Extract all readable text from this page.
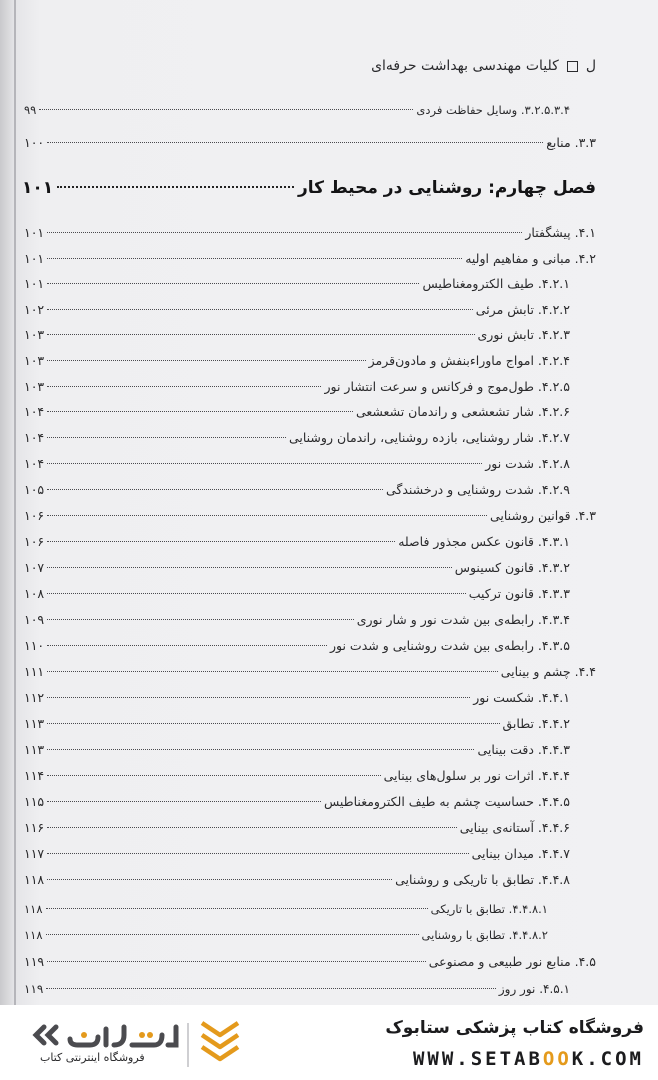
ل
کلیات مهندسی بهداشت حرفه‌ای
۳.۲.۵.۳.۴. وسایل حفاظت فردی
۹۹
۳.۳. منابع
۱۰۰
فصل چهارم: روشنایی در محیط کار
۱۰۱
۴.۱. پیشگفتار
۱۰۱
۴.۲. مبانی و مفاهیم اولیه
۱۰۱
۴.۲.۱. طیف الکترومغناطیس
۱۰۱
۴.۲.۲. تابش مرئی
۱۰۲
۴.۲.۳. تابش نوری
۱۰۳
۴.۲.۴. امواج ماوراءبنفش و مادون‌قرمز
۱۰۳
۴.۲.۵. طول‌موج و فرکانس و سرعت انتشار نور
۱۰۳
۴.۲.۶. شار تشعشعی و راندمان تشعشعی
۱۰۴
۴.۲.۷. شار روشنایی، بازده روشنایی، راندمان روشنایی
۱۰۴
۴.۲.۸. شدت نور
۱۰۴
۴.۲.۹. شدت روشنایی و درخشندگی
۱۰۵
۴.۳. قوانین روشنایی
۱۰۶
۴.۳.۱. قانون عکس مجذور فاصله
۱۰۶
۴.۳.۲. قانون کسینوس
۱۰۷
۴.۳.۳. قانون ترکیب
۱۰۸
۴.۳.۴. رابطه‌ی بین شدت نور و شار نوری
۱۰۹
۴.۳.۵. رابطه‌ی بین شدت روشنایی و شدت نور
۱۱۰
۴.۴. چشم و بینایی
۱۱۱
۴.۴.۱. شکست نور
۱۱۲
۴.۴.۲. تطابق
۱۱۳
۴.۴.۳. دقت بینایی
۱۱۳
۴.۴.۴. اثرات نور بر سلول‌های بینایی
۱۱۴
۴.۴.۵. حساسیت چشم به طیف الکترومغناطیس
۱۱۵
۴.۴.۶. آستانه‌ی بینایی
۱۱۶
۴.۴.۷. میدان بینایی
۱۱۷
۴.۴.۸. تطابق با تاریکی و روشنایی
۱۱۸
۴.۴.۸.۱. تطابق با تاریکی
۱۱۸
۴.۴.۸.۲. تطابق با روشنایی
۱۱۸
۴.۵. منابع نور طبیعی و مصنوعی
۱۱۹
۴.۵.۱. نور روز
۱۱۹
فروشگاه اینترنتی کتاب
فروشگاه کتاب پزشکی ستابوک
WWW.SETABOOK.COM
